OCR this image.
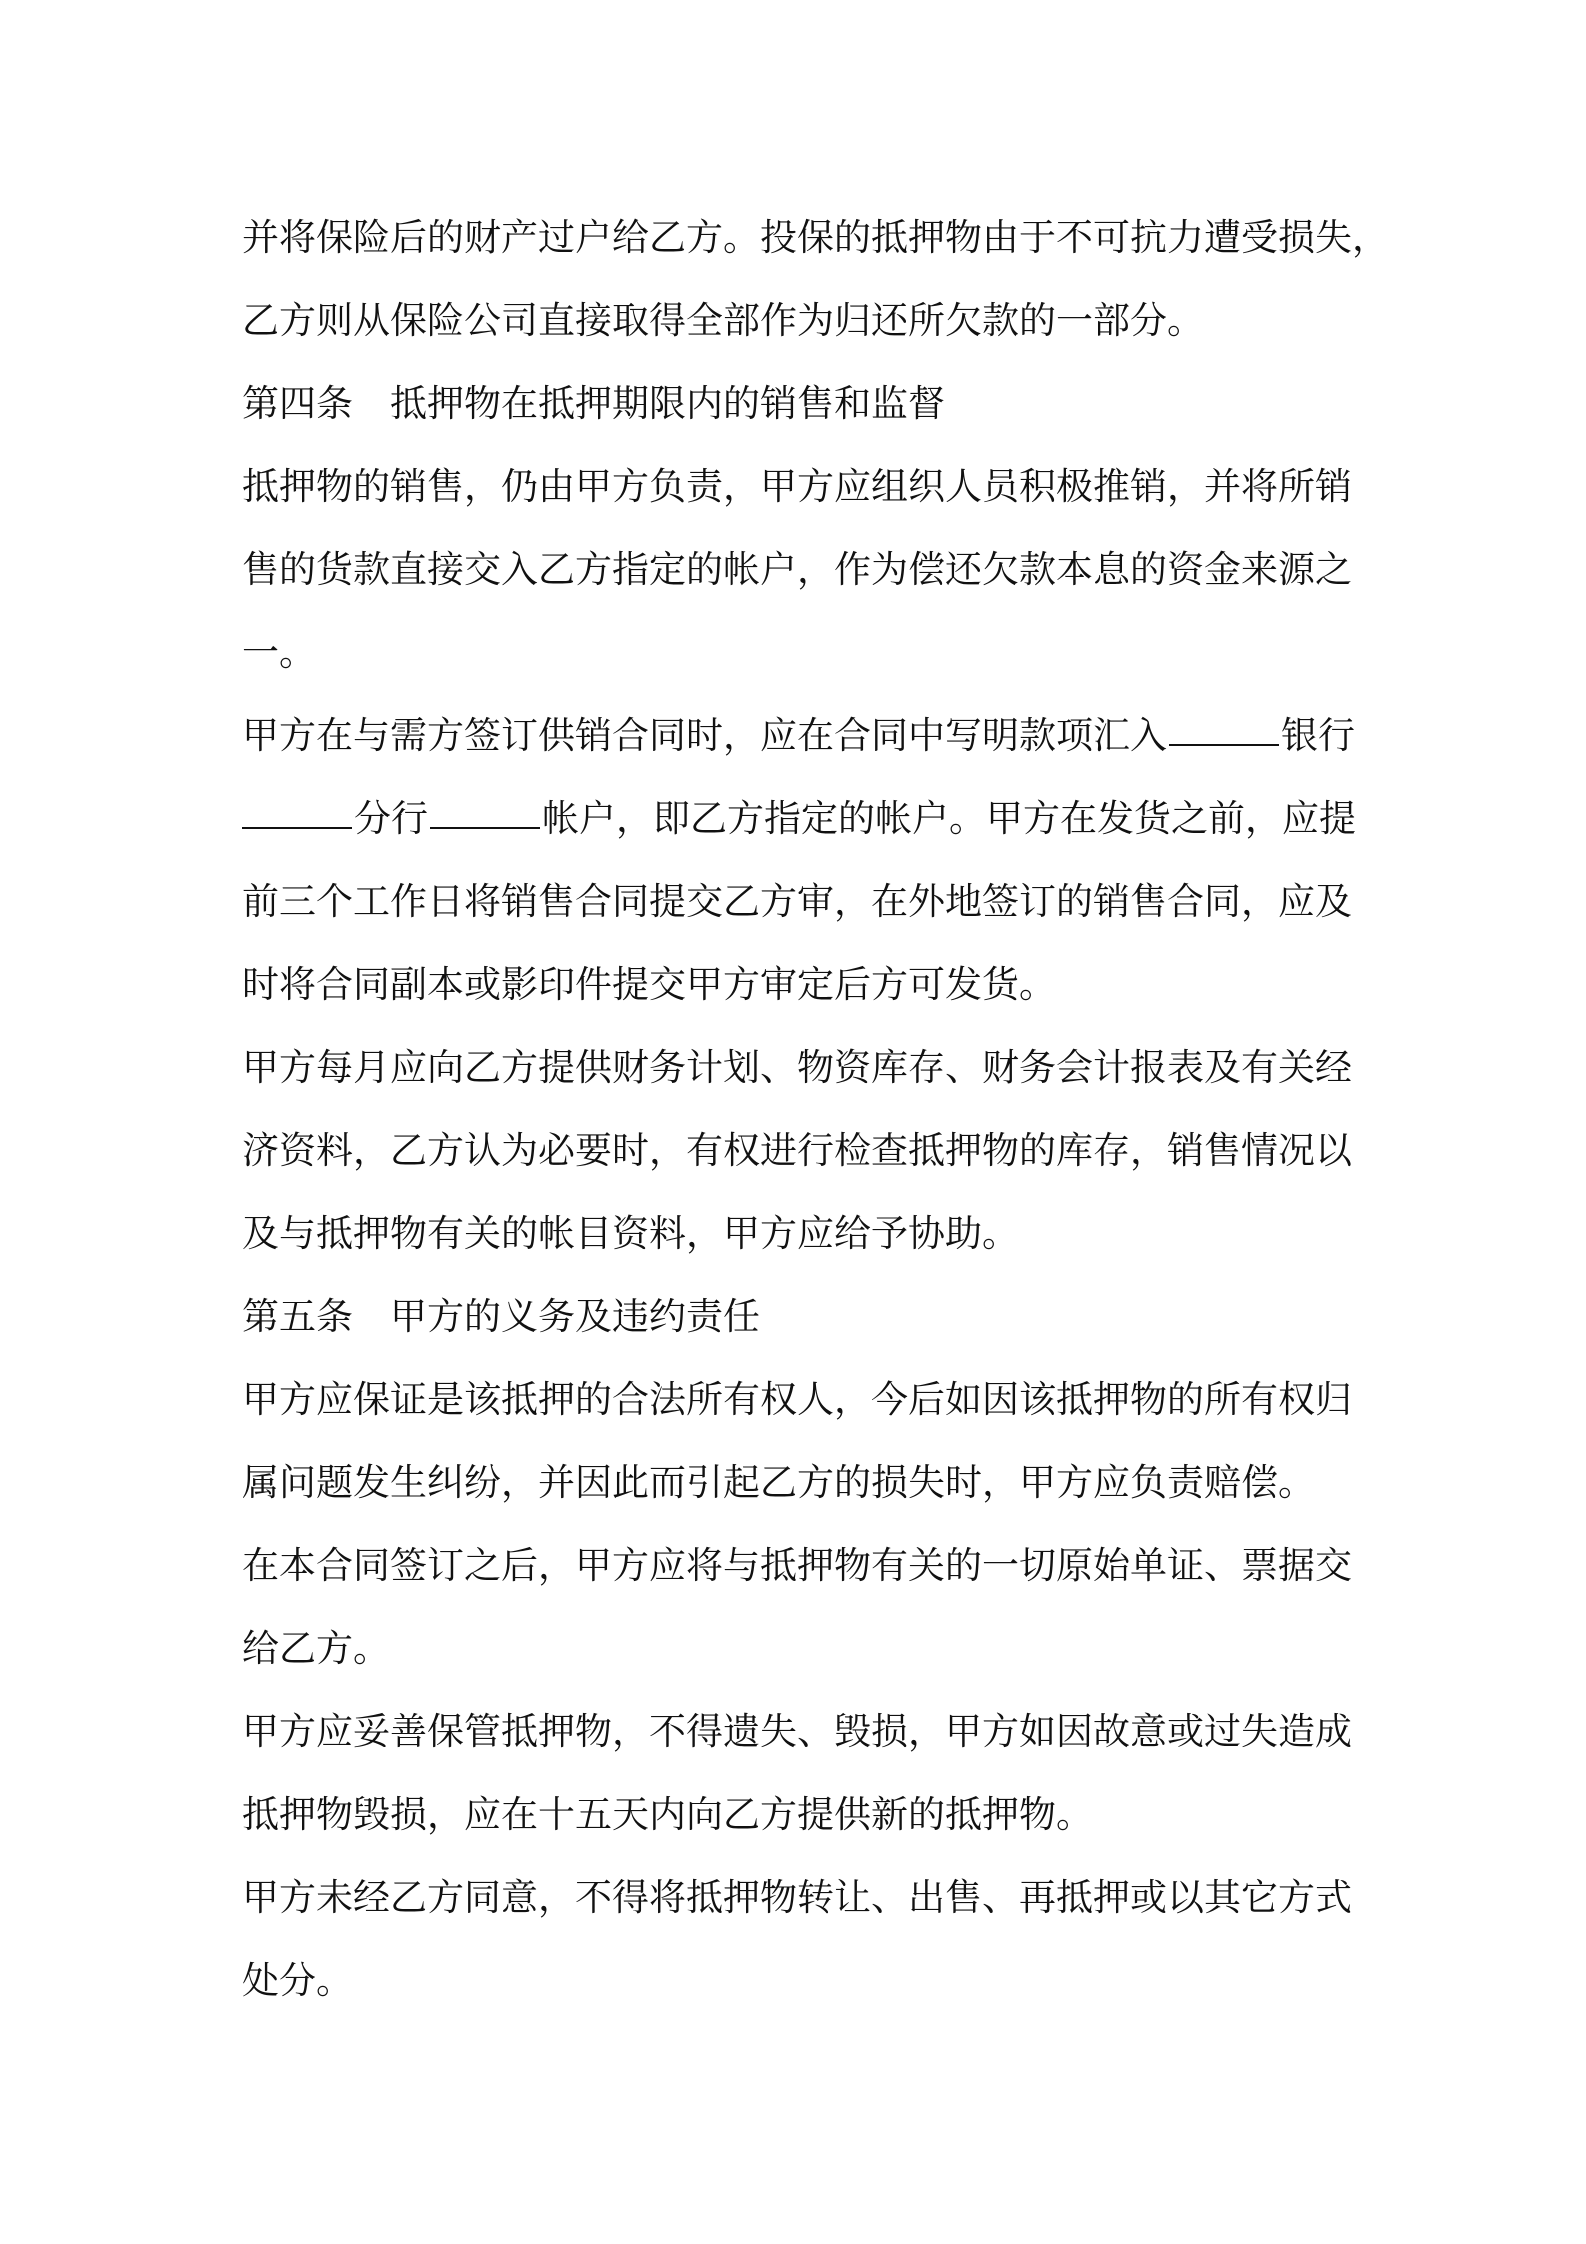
并将保险后的财产过户给乙方。投保的抵押物由于不可抗力遭受损失，
乙方则从保险公司直接取得全部作为归还所欠款的一部分。
第四条　抵押物在抵押期限内的销售和监督
抵押物的销售，仍由甲方负责，甲方应组织人员积极推销，并将所销
售的货款直接交入乙方指定的帐户，作为偿还欠款本息的资金来源之
一。
甲方在与需方签订供销合同时，应在合同中写明款项汇入	银行
分行	帐户，即乙方指定的帐户。甲方在发货之前，应提
前三个工作日将销售合同提交乙方审，在外地签订的销售合同，应及
时将合同副本或影印件提交甲方审定后方可发货。
甲方每月应向乙方提供财务计划、物资库存、财务会计报表及有关经
济资料，乙方认为必要时，有权进行检查抵押物的库存，销售情况以
及与抵押物有关的帐目资料，甲方应给予协助。
第五条　甲方的义务及违约责任
甲方应保证是该抵押的合法所有权人，今后如因该抵押物的所有权归
属问题发生纠纷，并因此而引起乙方的损失时，甲方应负责赔偿。
在本合同签订之后，甲方应将与抵押物有关的一切原始单证、票据交
给乙方。
甲方应妥善保管抵押物，不得遗失、毁损，甲方如因故意或过失造成
抵押物毁损，应在十五天内向乙方提供新的抵押物。
甲方未经乙方同意，不得将抵押物转让、出售、再抵押或以其它方式
处分。
